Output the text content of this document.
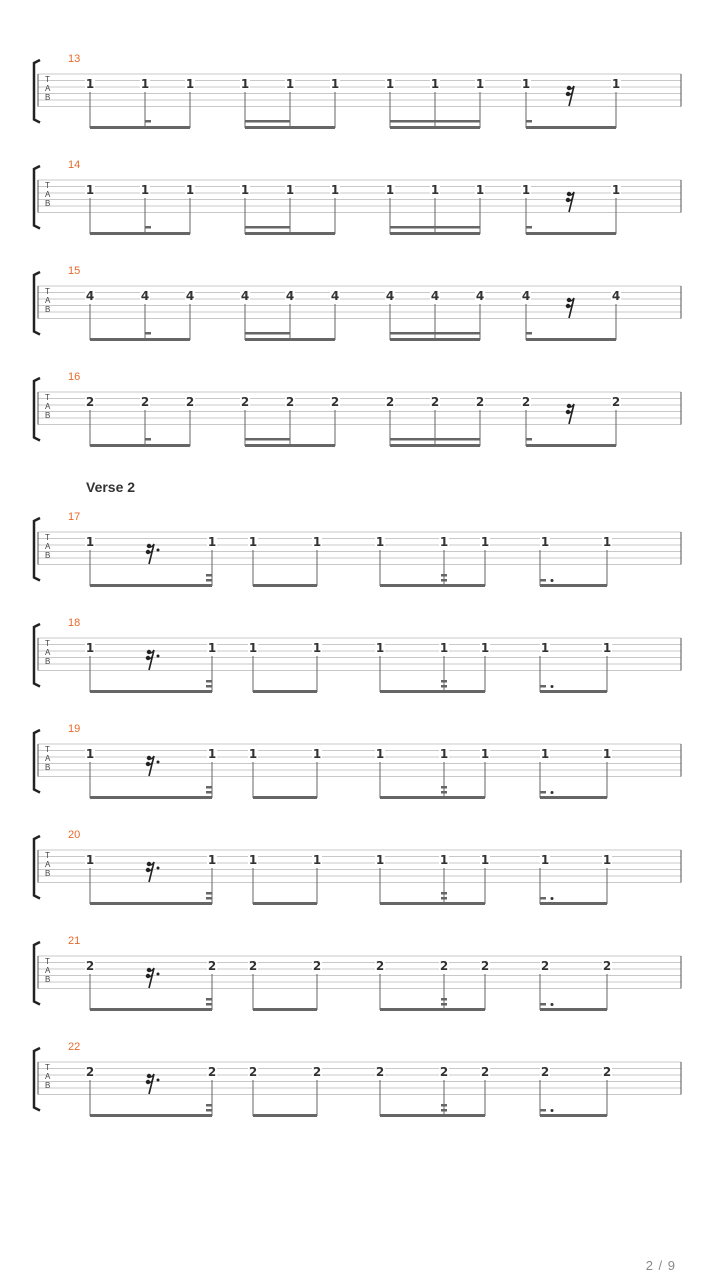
13
T
A
B
1	1	1	1	1	1	1	1	1	1	1
14
T
A
B
1	1	1	1	1	1	1	1	1	1	1
15
T
A
B
4	4	4	4	4	4	4	4	4	4	4
16
T
A
B
2	2	2	2	2	2	2	2	2	2	2
Verse 2
17
T
A
B
1	1	1	1	1	1	1	1	1
18
T
A
B
1	1	1	1	1	1	1	1	1
19
T
A
B
1	1	1	1	1	1	1	1	1
20
T
A
B
1	1	1	1	1	1	1	1	1
21
T
A
B
2	2	2	2	2	2	2	2	2
22
T
A
B
2	2	2	2	2	2	2	2	2
2 / 9
